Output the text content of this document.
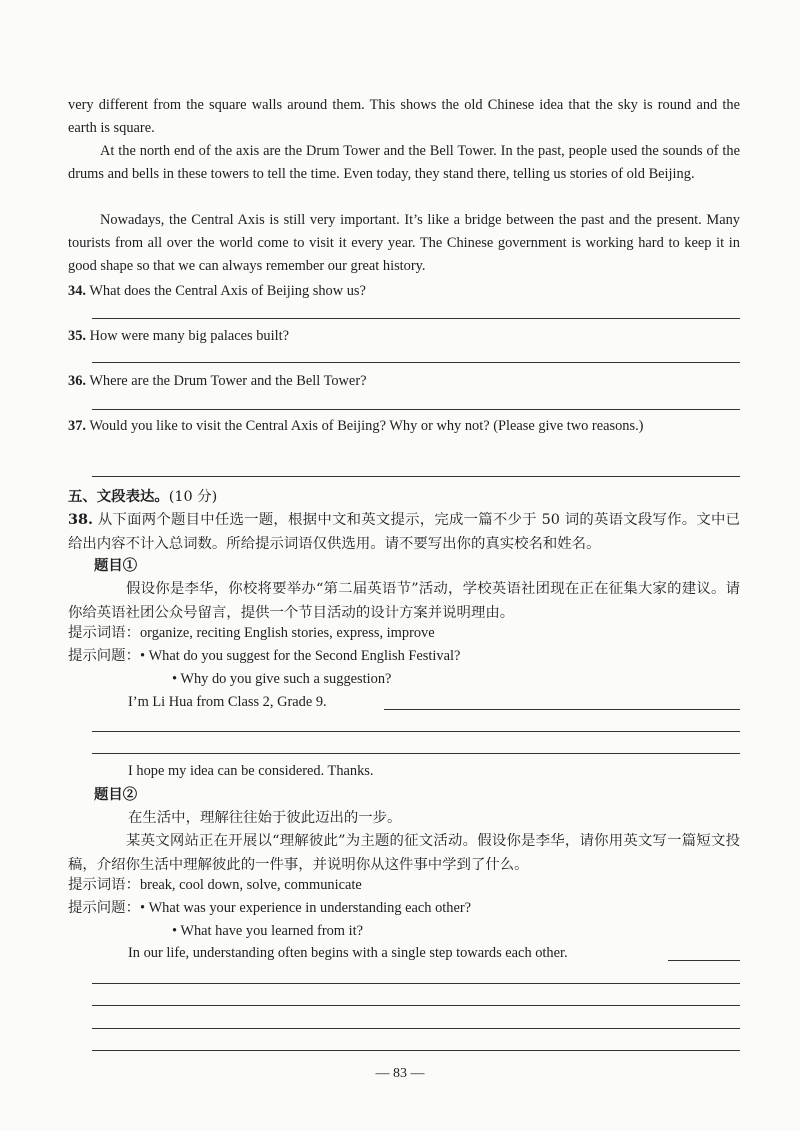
very different from the square walls around them. This shows the old Chinese idea that the sky is round and the earth is square.
At the north end of the axis are the Drum Tower and the Bell Tower. In the past, people used the sounds of the drums and bells in these towers to tell the time. Even today, they stand there, telling us stories of old Beijing.
Nowadays, the Central Axis is still very important. It’s like a bridge between the past and the present. Many tourists from all over the world come to visit it every year. The Chinese government is working hard to keep it in good shape so that we can always remember our great history.
34. What does the Central Axis of Beijing show us?
35. How were many big palaces built?
36. Where are the Drum Tower and the Bell Tower?
37. Would you like to visit the Central Axis of Beijing? Why or why not? (Please give two reasons.)
五、文段表达。(10 分)
38. 从下面两个题目中任选一题，根据中文和英文提示，完成一篇不少于 50 词的英语文段写作。文中已给出内容不计入总词数。所给提示词语仅供选用。请不要写出你的真实校名和姓名。
题目①
假设你是李华，你校将要举办“第二届英语节”活动，学校英语社团现在正在征集大家的建议。请你给英语社团公众号留言，提供一个节目活动的设计方案并说明理由。
提示词语：organize, reciting English stories, express, improve
提示问题：• What do you suggest for the Second English Festival?
• Why do you give such a suggestion?
I’m Li Hua from Class 2, Grade 9.
I hope my idea can be considered. Thanks.
题目②
在生活中，理解往往始于彼此迈出的一步。
某英文网站正在开展以“理解彼此”为主题的征文活动。假设你是李华，请你用英文写一篇短文投稿，介绍你生活中理解彼此的一件事，并说明你从这件事中学到了什么。
提示词语：break, cool down, solve, communicate
提示问题：• What was your experience in understanding each other?
• What have you learned from it?
In our life, understanding often begins with a single step towards each other.
— 83 —
